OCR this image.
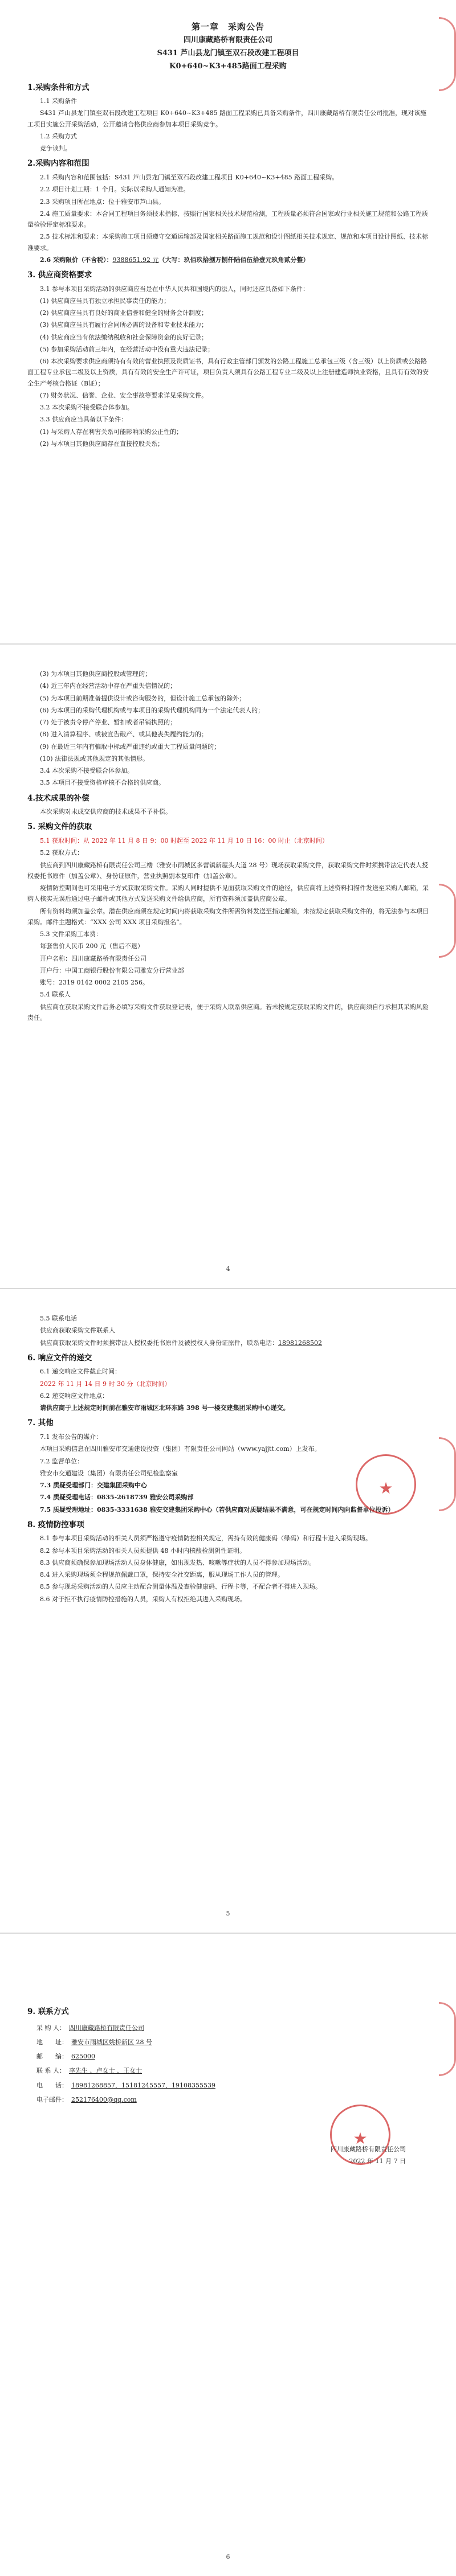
第一章　采购公告
四川康藏路桥有限责任公司
S431 芦山县龙门镇至双石段改建工程项目
K0+640~K3+485路面工程采购
1.采购条件和方式

1.1 采购条件

S431 芦山县龙门镇至双石段改建工程项目 K0+640~K3+485 路面工程采购已具备采购条件，四川康藏路桥有限责任公司批准，现对该施工项目实施公开采购活动，公开邀请合格供应商参加本项目采购竞争。

1.2 采购方式

竞争谈判。

2.采购内容和范围

2.1 采购内容和范围包括：S431 芦山县龙门镇至双石段改建工程项目 K0+640~K3+485 路面工程采购。

2.2 项目计划工期：1 个月。实际以采购人通知为准。

2.3 采购项目所在地点：位于雅安市芦山县。

2.4 施工质量要求：本合同工程项目务须技术指标、按照行国家相关技术规范检测，工程质量必须符合国家或行业相关施工规范和公路工程质量检验评定标准要求。

2.5 技术标准和要求：本采购施工项目须遵守交通运输部及国家相关路面施工规范和设计图纸相关技术规定、规范和本项目设计图纸、技术标准要求。

2.6 采购限价（不含税）：9388651.92 元（大写：玖佰玖拾捌万捌仟陆佰伍拾壹元玖角贰分整）

3. 供应商资格要求

3.1 参与本项目采购活动的供应商应当是在中华人民共和国境内的法人，同时还应具备如下条件：

(1) 供应商应当具有独立承担民事责任的能力；

(2) 供应商应当具有良好的商业信誉和健全的财务会计制度；

(3) 供应商应当具有履行合同所必需的设备和专业技术能力；

(4) 供应商应当有依法缴纳税收和社会保障资金的良好记录；

(5) 参加采购活动前三年内，在经营活动中没有重大违法记录；

(6) 本次采购要求供应商须持有有效的营业执照及资质证书，具有行政主管部门颁发的公路工程施工总承包三级（含三级）以上资质或公路路面工程专业承包二级及以上资质，具有有效的安全生产许可证，项目负责人须具有公路工程专业二级及以上注册建造师执业资格，且具有有效的安全生产考核合格证（B证）；

(7) 财务状况、信誉、企业、安全事故等要求详见采购文件。

3.2 本次采购不接受联合体参加。

3.3 供应商应当具备以下条件：

(1) 与采购人存在利害关系可能影响采购公正性的；

(2) 与本项目其他供应商存在直接控股关系；

(3) 为本项目其他供应商控股或管理的；

(4) 近三年内在经营活动中存在严重失信情况的；

(5) 为本项目前期准备提供设计或咨询服务的，但设计施工总承包的除外；

(6) 为本项目的采购代理机构或与本项目的采购代理机构同为一个法定代表人的；

(7) 处于被责令停产停业、暂扣或者吊销执照的；

(8) 进入清算程序、或被宣告破产、或其他丧失履约能力的；

(9) 在最近三年内有骗取中标或严重违约或重大工程质量问题的；

(10) 法律法规或其他规定的其他情形。

3.4 本次采购不接受联合体参加。

3.5 本项目不接受资格审核不合格的供应商。

4.技术成果的补偿

本次采购对未成交供应商的技术成果不予补偿。

5. 采购文件的获取

5.1 获取时间：从 2022 年 11 月 8 日 9：00 时起至 2022 年 11 月 10 日 16：00 时止（北京时间）

5.2 获取方式：

供应商到四川康藏路桥有限责任公司三楼（雅安市雨城区多营镇新屋头大道 28 号）现场获取采购文件，获取采购文件时须携带法定代表人授权委托书原件（加盖公章）、身份证原件，营业执照副本复印件（加盖公章）。

疫情防控期间也可采用电子方式获取采购文件。采购人同时提供不见面获取采购文件的途径，供应商将上述资料扫描件发送至采购人邮箱，采购人核实无误后通过电子邮件或其他方式发送采购文件给供应商，所有资料须加盖供应商公章。

所有资料均须加盖公章。潜在供应商须在规定时间内将获取采购文件所需资料发送至指定邮箱，未按规定获取采购文件的，将无法参与本项目采购。邮件主题格式：“XXX 公司 XXX 项目采购报名”。

5.3 文件采购工本费：

每套售价人民币 200 元（售后不退）

开户名称：四川康藏路桥有限责任公司

开户行：中国工商银行股份有限公司雅安分行营业部

账号：2319 0142 0002 2105 256。

5.4 联系人

供应商在获取采购文件后务必填写采购文件获取登记表，便于采购人联系供应商。若未按规定获取采购文件的，供应商须自行承担其采购风险责任。

4
★

5.5 联系电话

供应商获取采购文件联系人

供应商获取采购文件时须携带法人授权委托书原件及被授权人身份证原件，联系电话：18981268502

6. 响应文件的递交

6.1 递交响应文件截止时间：

2022 年 11 月 14 日 9 时 30 分（北京时间）

6.2 递交响应文件地点：

请供应商于上述规定时间前在雅安市雨城区北环东路 398 号一楼交建集团采购中心递交。

7. 其他

7.1 发布公告的媒介：

本项目采购信息在四川雅安市交通建设投资（集团）有限责任公司网站（www.yajjtt.com）上发布。

7.2 监督单位：

雅安市交通建设（集团）有限责任公司纪检监察室

7.3 质疑受理部门：交建集团采购中心

7.4 质疑受理电话：0835-2618739 雅安公司采购部

7.5 质疑受理地址：0835-3331638 雅安交建集团采购中心（若供应商对质疑结果不满意，可在规定时间内向监督单位投诉）

8. 疫情防控事项

8.1 参与本项目采购活动的相关人员须严格遵守疫情防控相关规定，需持有效的健康码（绿码）和行程卡进入采购现场。

8.2 参与本项目采购活动的相关人员须提供 48 小时内核酸检测阴性证明。

8.3 供应商须确保参加现场活动人员身体健康，如出现发热、咳嗽等症状的人员不得参加现场活动。

8.4 进入采购现场须全程规范佩戴口罩，保持安全社交距离，服从现场工作人员的管理。

8.5 参与现场采购活动的人员应主动配合测量体温及查验健康码、行程卡等，不配合者不得进入现场。

8.6 对于拒不执行疫情防控措施的人员，采购人有权拒绝其进入采购现场。

5
★
9. 联系方式

采 购 人： 四川康藏路桥有限责任公司

地　　址： 雅安市雨城区姚桥新区 28 号

邮　　编： 625000

联 系 人： 李先生 、卢女士 、王女士

电　　话： 18981268857，15181245557，19108355539

电子邮件： 252176400@qq.com

四川康藏路桥有限责任公司

2022 年 11 月 7 日

6
